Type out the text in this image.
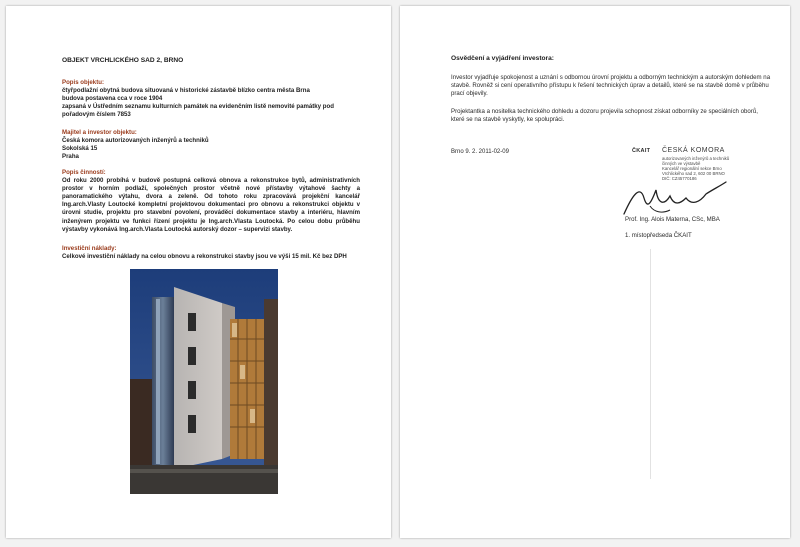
OBJEKT VRCHLICKÉHO SAD 2, BRNO
Popis objektu:
čtyřpodlažní obytná budova situovaná v historické zástavbě blízko centra města Brna
budova postavena cca v roce 1904
zapsaná v Ústředním seznamu kulturních památek na evidenčním listě nemovité památky pod pořadovým číslem 7853
Majitel a investor objektu:
Česká komora autorizovaných inženýrů a techniků
Sokolská 15
Praha
Popis činností:
Od roku 2000 probíhá v budově postupná celková obnova a rekonstrukce bytů, administrativních prostor v horním podlaží, společných prostor včetně nové přístavby výtahové šachty a panoramatického výtahu, dvora a zeleně. Od tohoto roku zpracovává projekční kancelář Ing.arch.Vlasty Loutocké kompletní projektovou dokumentaci pro obnovu a rekonstrukci objektu v úrovni studie, projektu pro stavební povolení, prováděcí dokumentace stavby a interiéru, hlavním inženýrem projektu ve funkci řízení projektu je Ing.arch.Vlasta Loutocká. Po celou dobu průběhu výstavby vykonává Ing.arch.Vlasta Loutocká autorský dozor – supervizi stavby.
Investiční náklady:
Celkové investiční náklady na celou obnovu a rekonstrukci stavby jsou ve výši 15 mil. Kč bez DPH
Osvědčení a vyjádření investora:
Investor vyjadřuje spokojenost a uznání s odbornou úrovní projektu a odborným technickým a autorským dohledem na stavbě. Rovněž si cení operativního přístupu k řešení technických úprav a detailů, které se na stavbě domě v průběhu prací objevily.
Projektantka a nositelka technického dohledu a dozoru projevila schopnost získat odborníky ze speciálních oborů, které se na stavbě vyskytly, ke spolupráci.
Brno 9. 2. 2011-02-09	ČKAIT ČESKÁ KOMORA
autorizovaných inženýrů a techniků
činných ve výstavbě
Kancelář regionální sekce Brno
Vrchlického sad 2, 602 00 BRNO
DIČ: CZ45770186
Prof. Ing. Alois Materna, CSc, MBA
1. místopředseda ČKAIT
